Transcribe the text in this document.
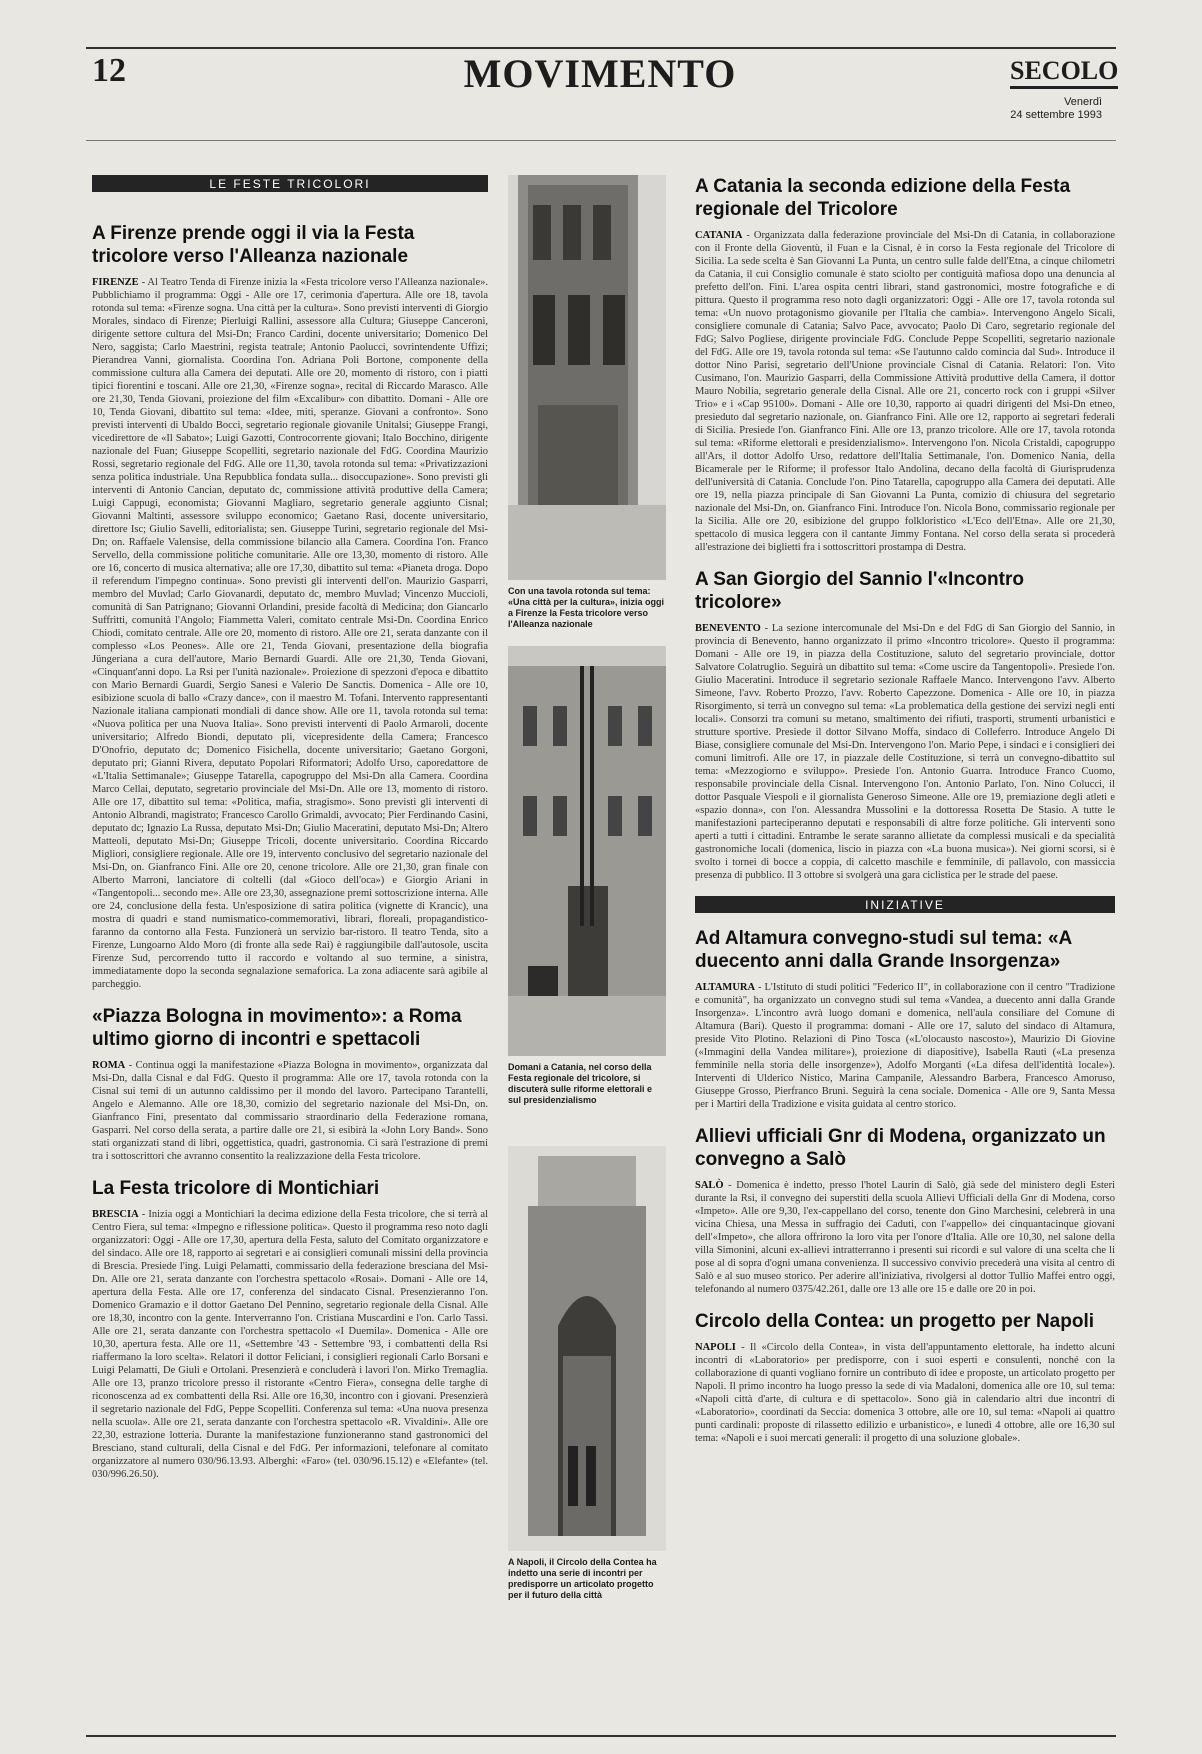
12	MOVIMENTO	SECOLO
Venerdì
24 settembre 1993
LE FESTE TRICOLORI
A Firenze prende oggi il via la Festa tricolore verso l'Alleanza nazionale

FIRENZE - Al Teatro Tenda di Firenze inizia la «Festa tricolore verso l'Alleanza nazionale». Pubblichiamo il programma: Oggi - Alle ore 17, cerimonia d'apertura. Alle ore 18, tavola rotonda sul tema: «Firenze sogna. Una città per la cultura». Sono previsti interventi di Giorgio Morales, sindaco di Firenze; Pierluigi Rallini, assessore alla Cultura; Giuseppe Canceroni, dirigente settore cultura del Msi-Dn; Franco Cardini, docente universitario; Domenico Del Nero, saggista; Carlo Maestrini, regista teatrale; Antonio Paolucci, sovrintendente Uffizi; Pierandrea Vanni, giornalista. Coordina l'on. Adriana Poli Bortone, componente della commissione cultura alla Camera dei deputati. Alle ore 20, momento di ristoro, con i piatti tipici fiorentini e toscani. Alle ore 21,30, «Firenze sogna», recital di Riccardo Marasco. Alle ore 21,30, Tenda Giovani, proiezione del film «Excalibur» con dibattito. Domani - Alle ore 10, Tenda Giovani, dibattito sul tema: «Idee, miti, speranze. Giovani a confronto». Sono previsti interventi di Ubaldo Bocci, segretario regionale giovanile Unitalsi; Giuseppe Frangi, vicedirettore de «Il Sabato»; Luigi Gazotti, Controcorrente giovani; Italo Bocchino, dirigente nazionale del Fuan; Giuseppe Scopelliti, segretario nazionale del FdG. Coordina Maurizio Rossi, segretario regionale del FdG. Alle ore 11,30, tavola rotonda sul tema: «Privatizzazioni senza politica industriale. Una Repubblica fondata sulla... disoccupazione». Sono previsti gli interventi di Antonio Cancian, deputato dc, commissione attività produttive della Camera; Luigi Cappugi, economista; Giovanni Magliaro, segretario generale aggiunto Cisnal; Giovanni Maltinti, assessore sviluppo economico; Gaetano Rasi, docente universitario, direttore Isc; Giulio Savelli, editorialista; sen. Giuseppe Turini, segretario regionale del Msi-Dn; on. Raffaele Valensise, della commissione bilancio alla Camera. Coordina l'on. Franco Servello, della commissione politiche comunitarie. Alle ore 13,30, momento di ristoro. Alle ore 16, concerto di musica alternativa; alle ore 17,30, dibattito sul tema: «Pianeta droga. Dopo il referendum l'impegno continua». Sono previsti gli interventi dell'on. Maurizio Gasparri, membro del Muvlad; Carlo Giovanardi, deputato dc, membro Muvlad; Vincenzo Muccioli, comunità di San Patrignano; Giovanni Orlandini, preside facoltà di Medicina; don Giancarlo Suffritti, comunità l'Angolo; Fiammetta Valeri, comitato centrale Msi-Dn. Coordina Enrico Chiodi, comitato centrale. Alle ore 20, momento di ristoro. Alle ore 21, serata danzante con il complesso «Los Peones». Alle ore 21, Tenda Giovani, presentazione della biografia Jüngeriana a cura dell'autore, Mario Bernardi Guardi. Alle ore 21,30, Tenda Giovani, «Cinquant'anni dopo. La Rsi per l'unità nazionale». Proiezione di spezzoni d'epoca e dibattito con Mario Bernardi Guardi, Sergio Sanesi e Valerio De Sanctis. Domenica - Alle ore 10, esibizione scuola di ballo «Crazy dance», con il maestro M. Tofani. Intervento rappresentanti Nazionale italiana campionati mondiali di dance show. Alle ore 11, tavola rotonda sul tema: «Nuova politica per una Nuova Italia». Sono previsti interventi di Paolo Armaroli, docente universitario; Alfredo Biondi, deputato pli, vicepresidente della Camera; Francesco D'Onofrio, deputato dc; Domenico Fisichella, docente universitario; Gaetano Gorgoni, deputato pri; Gianni Rivera, deputato Popolari Riformatori; Adolfo Urso, caporedattore de «L'Italia Settimanale»; Giuseppe Tatarella, capogruppo del Msi-Dn alla Camera. Coordina Marco Cellai, deputato, segretario provinciale del Msi-Dn. Alle ore 13, momento di ristoro. Alle ore 17, dibattito sul tema: «Politica, mafia, stragismo». Sono previsti gli interventi di Antonio Albrandi, magistrato; Francesco Carollo Grimaldi, avvocato; Pier Ferdinando Casini, deputato dc; Ignazio La Russa, deputato Msi-Dn; Giulio Maceratini, deputato Msi-Dn; Altero Matteoli, deputato Msi-Dn; Giuseppe Tricoli, docente universitario. Coordina Riccardo Migliori, consigliere regionale. Alle ore 19, intervento conclusivo del segretario nazionale del Msi-Dn, on. Gianfranco Fini. Alle ore 20, cenone tricolore. Alle ore 21,30, gran finale con Alberto Marroni, lanciatore di coltelli (dal «Gioco dell'oca») e Giorgio Ariani in «Tangentopoli... secondo me». Alle ore 23,30, assegnazione premi sottoscrizione interna. Alle ore 24, conclusione della festa. Un'esposizione di satira politica (vignette di Krancic), una mostra di quadri e stand numismatico-commemorativi, librari, floreali, propagandistico-faranno da contorno alla Festa. Funzionerà un servizio bar-ristoro. Il teatro Tenda, sito a Firenze, Lungoarno Aldo Moro (di fronte alla sede Rai) è raggiungibile dall'autosole, uscita Firenze Sud, percorrendo tutto il raccordo e voltando al suo termine, a sinistra, immediatamente dopo la seconda segnalazione semaforica. La zona adiacente sarà agibile al parcheggio.

«Piazza Bologna in movimento»: a Roma ultimo giorno di incontri e spettacoli

ROMA - Continua oggi la manifestazione «Piazza Bologna in movimento», organizzata dal Msi-Dn, dalla Cisnal e dal FdG. Questo il programma: Alle ore 17, tavola rotonda con la Cisnal sui temi di un autunno caldissimo per il mondo del lavoro. Partecipano Tarantelli, Angelo e Alemanno. Alle ore 18,30, comizio del segretario nazionale del Msi-Dn, on. Gianfranco Fini, presentato dal commissario straordinario della Federazione romana, Gasparri. Nel corso della serata, a partire dalle ore 21, si esibirà la «John Lory Band». Sono stati organizzati stand di libri, oggettistica, quadri, gastronomia. Ci sarà l'estrazione di premi tra i sottoscrittori che avranno consentito la realizzazione della Festa tricolore.

La Festa tricolore di Montichiari

BRESCIA - Inizia oggi a Montichiari la decima edizione della Festa tricolore, che si terrà al Centro Fiera, sul tema: «Impegno e riflessione politica». Questo il programma reso noto dagli organizzatori: Oggi - Alle ore 17,30, apertura della Festa, saluto del Comitato organizzatore e del sindaco. Alle ore 18, rapporto ai segretari e ai consiglieri comunali missini della provincia di Brescia. Presiede l'ing. Luigi Pelamatti, commissario della federazione bresciana del Msi-Dn. Alle ore 21, serata danzante con l'orchestra spettacolo «Rosai». Domani - Alle ore 14, apertura della Festa. Alle ore 17, conferenza del sindacato Cisnal. Presenzieranno l'on. Domenico Gramazio e il dottor Gaetano Del Pennino, segretario regionale della Cisnal. Alle ore 18,30, incontro con la gente. Interverranno l'on. Cristiana Muscardini e l'on. Carlo Tassi. Alle ore 21, serata danzante con l'orchestra spettacolo «I Duemila». Domenica - Alle ore 10,30, apertura festa. Alle ore 11, «Settembre '43 - Settembre '93, i combattenti della Rsi riaffermano la loro scelta». Relatori il dottor Feliciani, i consiglieri regionali Carlo Borsani e Luigi Pelamatti, De Giuli e Ortolani. Presenzierà e concluderà i lavori l'on. Mirko Tremaglia. Alle ore 13, pranzo tricolore presso il ristorante «Centro Fiera», consegna delle targhe di riconoscenza ad ex combattenti della Rsi. Alle ore 16,30, incontro con i giovani. Presenzierà il segretario nazionale del FdG, Peppe Scopelliti. Conferenza sul tema: «Una nuova presenza nella scuola». Alle ore 21, serata danzante con l'orchestra spettacolo «R. Vivaldini». Alle ore 22,30, estrazione lotteria. Durante la manifestazione funzioneranno stand gastronomici del Bresciano, stand culturali, della Cisnal e del FdG. Per informazioni, telefonare al comitato organizzatore al numero 030/96.13.93. Alberghi: «Faro» (tel. 030/96.15.12) e «Elefante» (tel. 030/996.26.50).

Con una tavola rotonda sul tema: «Una città per la cultura», inizia oggi a Firenze la Festa tricolore verso l'Alleanza nazionale

Domani a Catania, nel corso della Festa regionale del tricolore, si discuterà sulle riforme elettorali e sul presidenzialismo

A Napoli, il Circolo della Contea ha indetto una serie di incontri per predisporre un articolato progetto per il futuro della città

A Catania la seconda edizione della Festa regionale del Tricolore

CATANIA - Organizzata dalla federazione provinciale del Msi-Dn di Catania, in collaborazione con il Fronte della Gioventù, il Fuan e la Cisnal, è in corso la Festa regionale del Tricolore di Sicilia. La sede scelta è San Giovanni La Punta, un centro sulle falde dell'Etna, a cinque chilometri da Catania, il cui Consiglio comunale è stato sciolto per contiguità mafiosa dopo una denuncia al prefetto dell'on. Fini. L'area ospita centri librari, stand gastronomici, mostre fotografiche e di pittura. Questo il programma reso noto dagli organizzatori: Oggi - Alle ore 17, tavola rotonda sul tema: «Un nuovo protagonismo giovanile per l'Italia che cambia». Intervengono Angelo Sicali, consigliere comunale di Catania; Salvo Pace, avvocato; Paolo Di Caro, segretario regionale del FdG; Salvo Pogliese, dirigente provinciale FdG. Conclude Peppe Scopelliti, segretario nazionale del FdG. Alle ore 19, tavola rotonda sul tema: «Se l'autunno caldo comincia dal Sud». Introduce il dottor Nino Parisi, segretario dell'Unione provinciale Cisnal di Catania. Relatori: l'on. Vito Cusimano, l'on. Maurizio Gasparri, della Commissione Attività produttive della Camera, il dottor Mauro Nobilia, segretario generale della Cisnal. Alle ore 21, concerto rock con i gruppi «Silver Trio» e i «Cap 95100». Domani - Alle ore 10,30, rapporto ai quadri dirigenti del Msi-Dn etneo, presieduto dal segretario nazionale, on. Gianfranco Fini. Alle ore 12, rapporto ai segretari federali di Sicilia. Presiede l'on. Gianfranco Fini. Alle ore 13, pranzo tricolore. Alle ore 17, tavola rotonda sul tema: «Riforme elettorali e presidenzialismo». Intervengono l'on. Nicola Cristaldi, capogruppo all'Ars, il dottor Adolfo Urso, redattore dell'Italia Settimanale, l'on. Domenico Nania, della Bicamerale per le Riforme; il professor Italo Andolina, decano della facoltà di Giurisprudenza dell'università di Catania. Conclude l'on. Pino Tatarella, capogruppo alla Camera dei deputati. Alle ore 19, nella piazza principale di San Giovanni La Punta, comizio di chiusura del segretario nazionale del Msi-Dn, on. Gianfranco Fini. Introduce l'on. Nicola Bono, commissario regionale per la Sicilia. Alle ore 20, esibizione del gruppo folkloristico «L'Eco dell'Etna». Alle ore 21,30, spettacolo di musica leggera con il cantante Jimmy Fontana. Nel corso della serata si procederà all'estrazione dei biglietti fra i sottoscrittori prostampa di Destra.

A San Giorgio del Sannio l'«Incontro tricolore»

BENEVENTO - La sezione intercomunale del Msi-Dn e del FdG di San Giorgio del Sannio, in provincia di Benevento, hanno organizzato il primo «Incontro tricolore». Questo il programma: Domani - Alle ore 19, in piazza della Costituzione, saluto del segretario provinciale, dottor Salvatore Colatruglio. Seguirà un dibattito sul tema: «Come uscire da Tangentopoli». Presiede l'on. Giulio Maceratini. Introduce il segretario sezionale Raffaele Manco. Intervengono l'avv. Alberto Simeone, l'avv. Roberto Prozzo, l'avv. Roberto Capezzone. Domenica - Alle ore 10, in piazza Risorgimento, si terrà un convegno sul tema: «La problematica della gestione dei servizi negli enti locali». Consorzi tra comuni su metano, smaltimento dei rifiuti, trasporti, strumenti urbanistici e strutture sportive. Presiede il dottor Silvano Moffa, sindaco di Colleferro. Introduce Angelo Di Biase, consigliere comunale del Msi-Dn. Intervengono l'on. Mario Pepe, i sindaci e i consiglieri dei comuni limitrofi. Alle ore 17, in piazzale delle Costituzione, si terrà un convegno-dibattito sul tema: «Mezzogiorno e sviluppo». Presiede l'on. Antonio Guarra. Introduce Franco Cuomo, responsabile provinciale della Cisnal. Intervengono l'on. Antonio Parlato, l'on. Nino Colucci, il dottor Pasquale Viespoli e il giornalista Generoso Simeone. Alle ore 19, premiazione degli atleti e «spazio donna», con l'on. Alessandra Mussolini e la dottoressa Rosetta De Stasio. A tutte le manifestazioni parteciperanno deputati e responsabili di altre forze politiche. Gli interventi sono aperti a tutti i cittadini. Entrambe le serate saranno allietate da complessi musicali e da specialità gastronomiche locali (domenica, liscio in piazza con «La buona musica»). Nei giorni scorsi, si è svolto i tornei di bocce a coppia, di calcetto maschile e femminile, di pallavolo, con massiccia presenza di pubblico. Il 3 ottobre si svolgerà una gara ciclistica per le strade del paese.

INIZIATIVE
Ad Altamura convegno-studi sul tema: «A duecento anni dalla Grande Insorgenza»

ALTAMURA - L'Istituto di studi politici "Federico II", in collaborazione con il centro "Tradizione e comunità", ha organizzato un convegno studi sul tema «Vandea, a duecento anni dalla Grande Insorgenza». L'incontro avrà luogo domani e domenica, nell'aula consiliare del Comune di Altamura (Bari). Questo il programma: domani - Alle ore 17, saluto del sindaco di Altamura, preside Vito Plotino. Relazioni di Pino Tosca («L'olocausto nascosto»), Maurizio Di Giovine («Immagini della Vandea militare»), proiezione di diapositive), Isabella Rauti («La presenza femminile nella storia delle insorgenze»), Adolfo Morganti («La difesa dell'identità locale»). Interventi di Ulderico Nistico, Marina Campanile, Alessandro Barbera, Francesco Amoruso, Giuseppe Grosso, Pierfranco Bruni. Seguirà la cena sociale. Domenica - Alle ore 9, Santa Messa per i Martiri della Tradizione e visita guidata al centro storico.

Allievi ufficiali Gnr di Modena, organizzato un convegno a Salò

SALÒ - Domenica è indetto, presso l'hotel Laurin di Salò, già sede del ministero degli Esteri durante la Rsi, il convegno dei superstiti della scuola Allievi Ufficiali della Gnr di Modena, corso «Impeto». Alle ore 9,30, l'ex-cappellano del corso, tenente don Gino Marchesini, celebrerà in una vicina Chiesa, una Messa in suffragio dei Caduti, con l'«appello» dei cinquantacinque giovani dell'«Impeto», che allora offrirono la loro vita per l'onore d'Italia. Alle ore 10,30, nel salone della villa Simonini, alcuni ex-allievi intratterranno i presenti sui ricordi e sul valore di una scelta che li pose al di sopra d'ogni umana convenienza. Il successivo convivio precederà una visita al centro di Salò e al suo museo storico. Per aderire all'iniziativa, rivolgersi al dottor Tullio Maffei entro oggi, telefonando al numero 0375/42.261, dalle ore 13 alle ore 15 e dalle ore 20 in poi.

Circolo della Contea: un progetto per Napoli

NAPOLI - Il «Circolo della Contea», in vista dell'appuntamento elettorale, ha indetto alcuni incontri di «Laboratorio» per predisporre, con i suoi esperti e consulenti, nonché con la collaborazione di quanti vogliano fornire un contributo di idee e proposte, un articolato progetto per Napoli. Il primo incontro ha luogo presso la sede di via Madaloni, domenica alle ore 10, sul tema: «Napoli città d'arte, di cultura e di spettacolo». Sono già in calendario altri due incontri di «Laboratorio», coordinati da Seccia: domenica 3 ottobre, alle ore 10, sul tema: «Napoli ai quattro punti cardinali: proposte di rilassetto edilizio e urbanistico», e lunedì 4 ottobre, alle ore 16,30 sul tema: «Napoli e i suoi mercati generali: il progetto di una soluzione globale».
